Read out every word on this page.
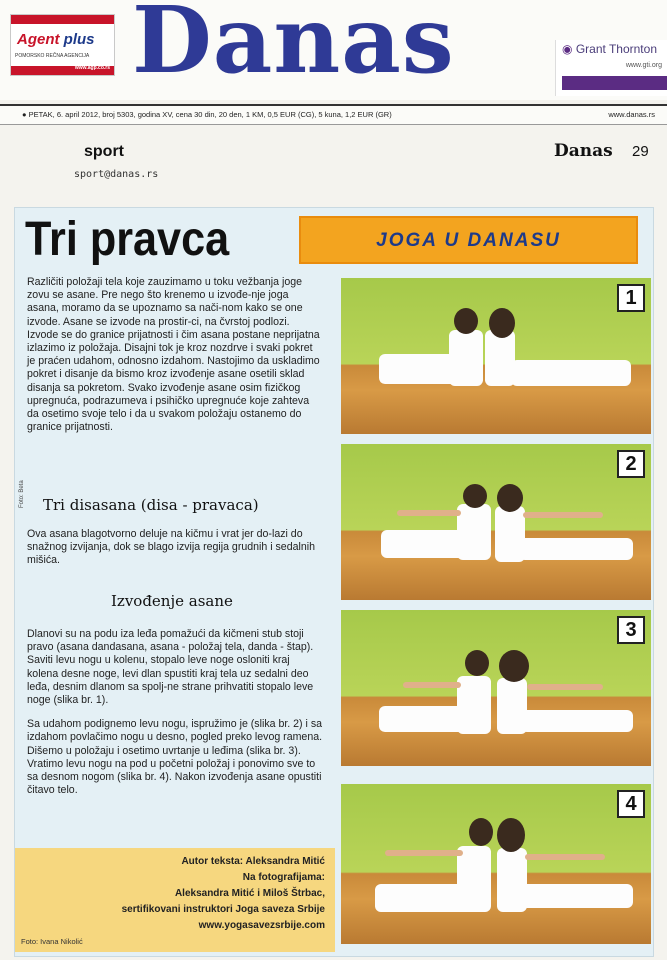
Agent plus
POMORSKO REČNA AGENCIJA
www.agp.co.rs Danas	◉ Grant Thornton
www.gti.org
● PETAK, 6. april 2012, broj 5303, godina XV, cena 30 din, 20 den, 1 KM, 0,5 EUR (CG), 5 kuna, 1,2 EUR (GR)	www.danas.rs
sport
sport@danas.rs
Danas 29
Tri pravca	JOGA U DANASU

Različiti položaji tela koje zauzimamo u toku vežbanja joge zovu se asane. Pre nego što krenemo u izvođe-nje joga asana, moramo da se upoznamo sa nači-nom kako se one izvode. Asane se izvode na prostir-ci, na čvrstoj podlozi. Izvode se do granice prijatnosti i čim asana postane neprijatna izlazimo iz položaja. Disajni tok je kroz nozdrve i svaki pokret je praćen udahom, odnosno izdahom. Nastojimo da uskladimo pokret i disanje da bismo kroz izvođenje asane osetili sklad disanja sa pokretom. Svako izvođenje asane osim fizičkog upregnuća, podrazumeva i psihičko upregnuće koje zahteva da osetimo svoje telo i da u svakom položaju ostanemo do granice prijatnosti.

Foto: Beta Tri disasana (disa - pravaca)

Ova asana blagotvorno deluje na kičmu i vrat jer do-lazi do snažnog izvijanja, dok se blago izvija regija grudnih i sedalnih mišića.

Izvođenje asane

Dlanovi su na podu iza leđa pomažući da kičmeni stub stoji pravo (asana dandasana, asana - položaj tela, danda - štap). Saviti levu nogu u kolenu, stopalo leve noge osloniti kraj kolena desne noge, levi dlan spustiti kraj tela uz sedalni deo leđa, desnim dlanom sa spolj-ne strane prihvatiti stopalo leve noge (slika br. 1).

Sa udahom podignemo levu nogu, ispružimo je (slika br. 2) i sa izdahom povlačimo nogu u desno, pogled preko levog ramena. Dišemo u položaju i osetimo uvrtanje u leđima (slika br. 3). Vratimo levu nogu na pod u početni položaj i ponovimo sve to sa desnom nogom (slika br. 4). Nakon izvođenja asane opustiti čitavo telo.

1
2
3
4
Autor teksta: Aleksandra Mitić
Na fotografijama:
Aleksandra Mitić i Miloš Štrbac,
sertifikovani instruktori Joga saveza Srbije
www.yogasavezsrbije.com
Foto: Ivana Nikolić
